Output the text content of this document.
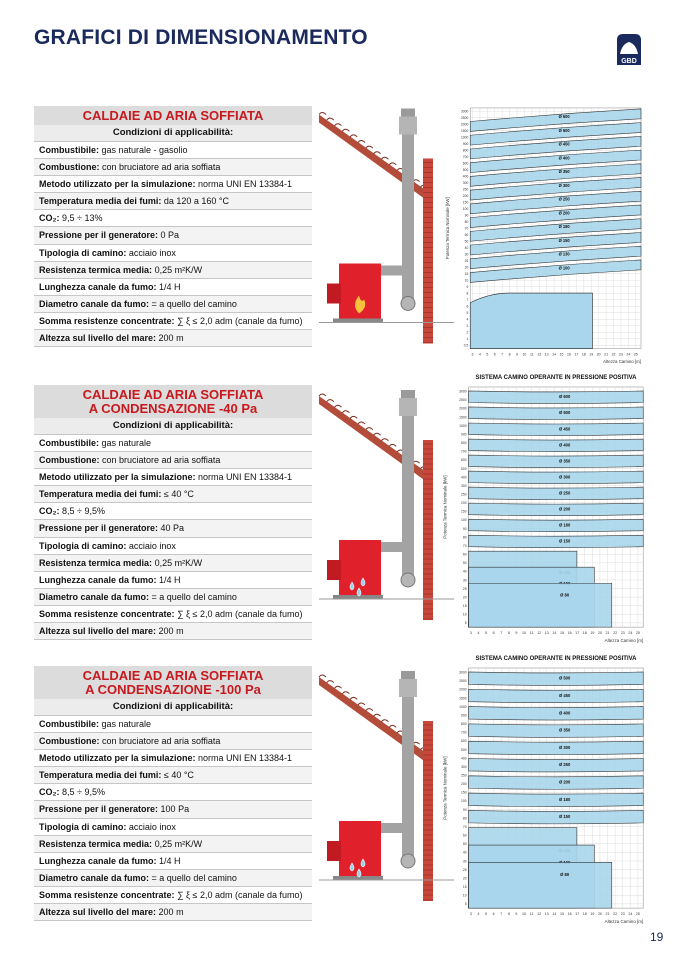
GRAFICI DI DIMENSIONAMENTO
GBD
CALDAIE AD ARIA SOFFIATA
Condizioni di applicabilità:
Combustibile: gas naturale - gasolio
Combustione: con bruciatore ad aria soffiata
Metodo utilizzato per la simulazione: norma UNI EN 13384-1
Temperatura media dei fumi: da 120 a 160 °C
CO₂: 9,5 ÷ 13%
Pressione per il generatore: 0 Pa
Tipologia di camino: acciaio inox
Resistenza termica media: 0,25 m²K/W
Lunghezza canale da fumo: 1/4 H
Diametro canale da fumo: = a quello del camino
Somma resistenze concentrate: ∑ ξ ≤ 2,0 adm (canale da fumo)
Altezza sul livello del mare: 200 m
3 4 5 6 7 8 9 10 11 12 13 14 15 16 17 18 19 20 21 22 23 24 25
3000
2500
2000
1500
1000
900
800
700
600
500
400
300
250
200
150
100
90
80
70
60
50
40
30
25
20
15
10
9
8
7
6
5
4
3
2
1
0.5
Ø 600
Ø 500
Ø 450
Ø 400
Ø 350
Ø 300
Ø 250
Ø 200
Ø 180
Ø 150
Ø 130
Ø 100
Altezza Camino [m]
Potenza Termica Nominale [kW]
CALDAIE AD ARIA SOFFIATA
A CONDENSAZIONE -40 Pa
Condizioni di applicabilità:
Combustibile: gas naturale
Combustione: con bruciatore ad aria soffiata
Metodo utilizzato per la simulazione: norma UNI EN 13384-1
Temperatura media dei fumi: ≤ 40 °C
CO₂: 8,5 ÷ 9,5%
Pressione per il generatore: 40 Pa
Tipologia di camino: acciaio inox
Resistenza termica media: 0,25 m²K/W
Lunghezza canale da fumo: 1/4 H
Diametro canale da fumo: = a quello del camino
Somma resistenze concentrate: ∑ ξ ≤ 2,0 adm (canale da fumo)
Altezza sul livello del mare: 200 m
SISTEMA CAMINO OPERANTE IN PRESSIONE POSITIVA
3 4 5 6 7 8 9 10 11 12 13 14 15 16 17 18 19 20 21 22 23 24 25
3000
2500
2000
1500
1000
900
800
700
600
500
400
300
250
200
150
100
90
80
70
60
50
40
30
25
20
15
10
5
Ø 600
Ø 500
Ø 450
Ø 400
Ø 350
Ø 300
Ø 250
Ø 200
Ø 180
Ø 150
Ø 80
Altezza Camino [m]
Potenza Termica Nominale [kW]
CALDAIE AD ARIA SOFFIATA
A CONDENSAZIONE -100 Pa
Condizioni di applicabilità:
Combustibile: gas naturale
Combustione: con bruciatore ad aria soffiata
Metodo utilizzato per la simulazione: norma UNI EN 13384-1
Temperatura media dei fumi: ≤ 40 °C
CO₂: 8,5 ÷ 9,5%
Pressione per il generatore: 100 Pa
Tipologia di camino: acciaio inox
Resistenza termica media: 0,25 m²K/W
Lunghezza canale da fumo: 1/4 H
Diametro canale da fumo: = a quello del camino
Somma resistenze concentrate: ∑ ξ ≤ 2,0 adm (canale da fumo)
Altezza sul livello del mare: 200 m
SISTEMA CAMINO OPERANTE IN PRESSIONE POSITIVA
3 4 5 6 7 8 9 10 11 12 13 14 15 16 17 18 19 20 21 22 23 24 25
3000
2500
2000
1500
1000
900
800
700
600
500
400
300
250
200
150
100
90
80
70
60
50
40
30
25
20
15
10
5
Ø 500
Ø 450
Ø 400
Ø 350
Ø 300
Ø 250
Ø 200
Ø 180
Ø 150
Ø 80
Altezza Camino [m]
Potenza Termica Nominale [kW]
19
